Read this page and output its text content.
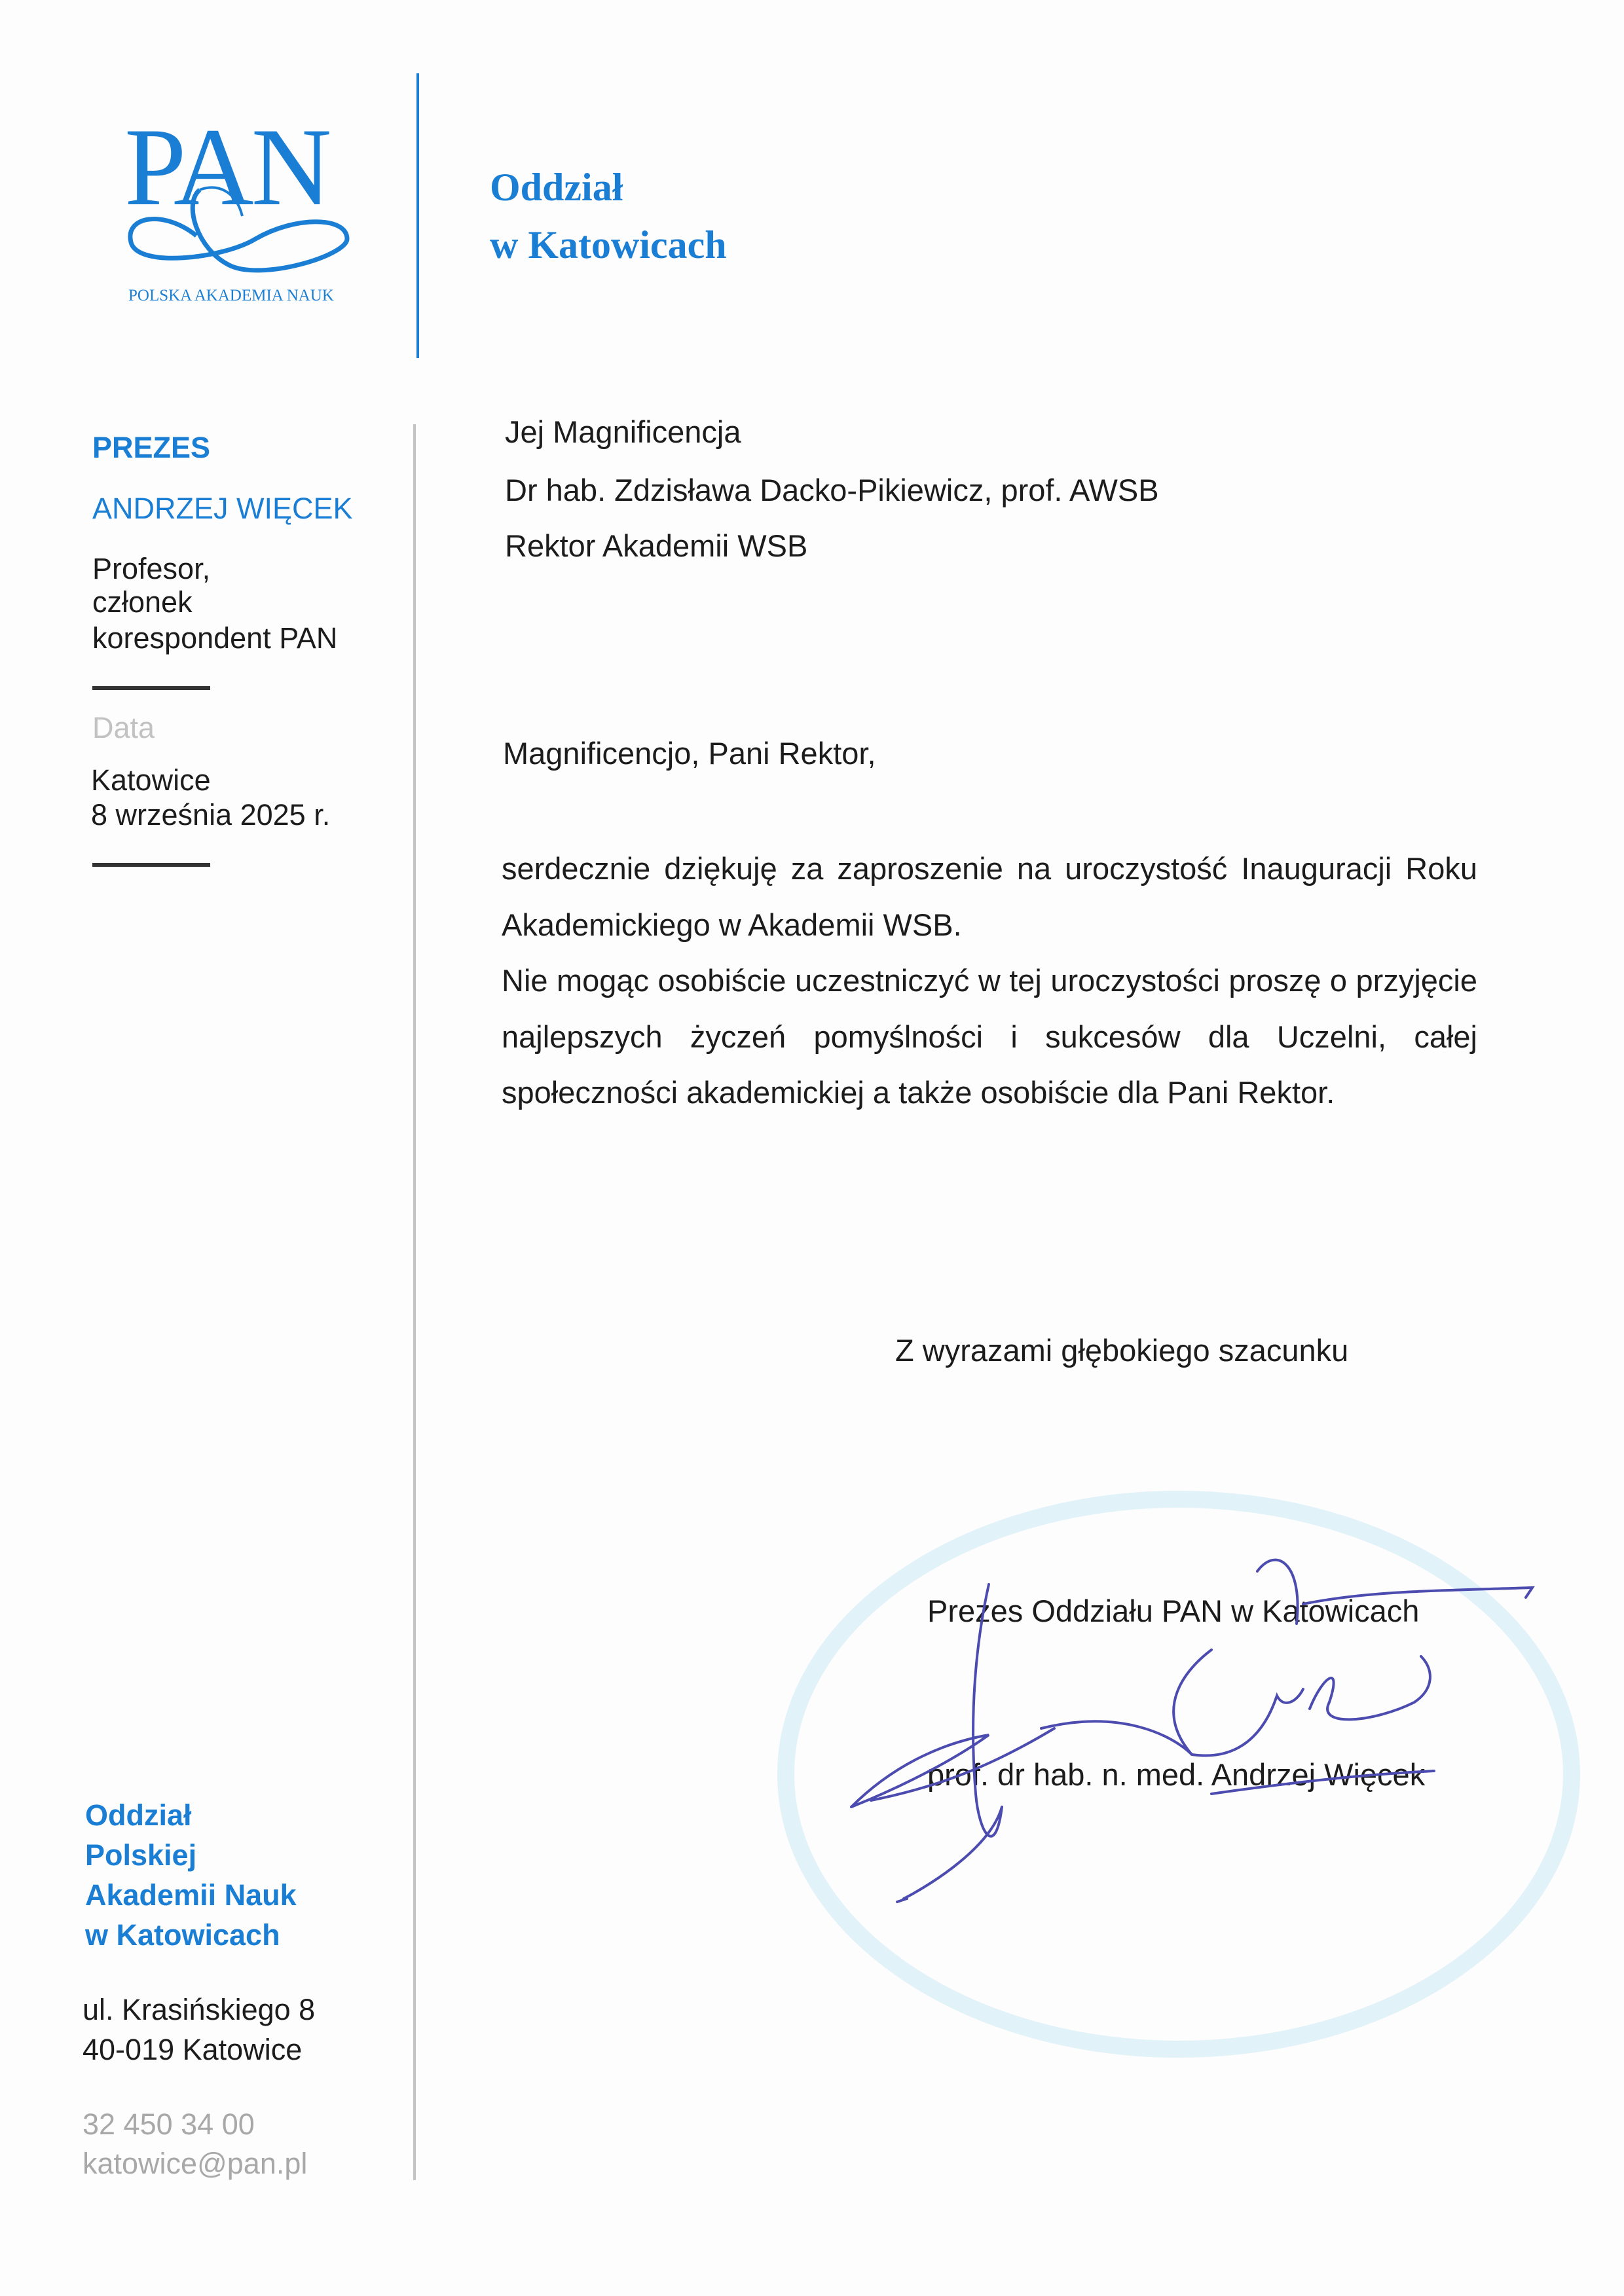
PAN
POLSKA AKADEMIA NAUK
Oddział
w Katowicach
PREZES
ANDRZEJ WIĘCEK
Profesor,
członek
korespondent PAN
Data
Katowice
8 września 2025 r.
Oddział
Polskiej
Akademii Nauk
w Katowicach
ul. Krasińskiego 8
40-019 Katowice
32 450 34 00
katowice@pan.pl
Jej Magnificencja
Dr hab. Zdzisława Dacko-Pikiewicz, prof. AWSB
Rektor Akademii WSB
Magnificencjo, Pani Rektor,

serdecznie dziękuję za zaproszenie na uroczystość Inauguracji Roku Akademickiego w Akademii WSB.

Nie mogąc osobiście uczestniczyć w tej uroczystości proszę o przyjęcie najlepszych życzeń pomyślności i sukcesów dla Uczelni, całej społeczności akademickiej a także osobiście dla Pani Rektor.

Z wyrazami głębokiego szacunku
Prezes Oddziału PAN w Katowicach
prof. dr hab. n. med. Andrzej Więcek
